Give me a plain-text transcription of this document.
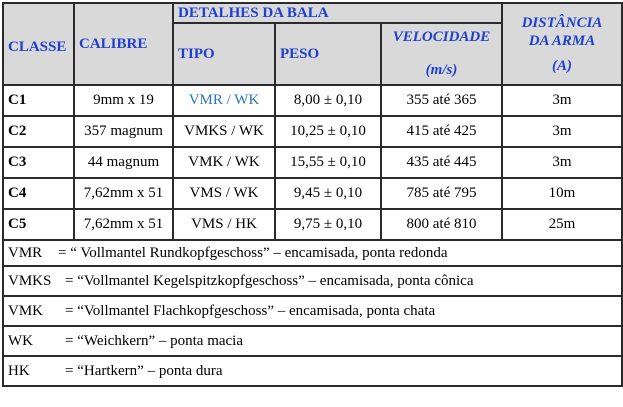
CLASSE	CALIBRE	DETALHES DA BALA			DISTÂNCIA
DA ARMA
(A)

		TIPO	PESO	VELOCIDADE
(m/s)	

C1	9mm x 19	VMR / WK	8,00 ± 0,10	355 até 365	3m
C2	357 magnum	VMKS / WK	10,25 ± 0,10	415 até 425	3m
C3	44 magnum	VMK / WK	15,55 ± 0,10	435 até 445	3m
C4	7,62mm x 51	VMS / WK	9,45 ± 0,10	785 até 795	10m
C5	7,62mm x 51	VMS / HK	9,75 ± 0,10	800 até 810	25m
VMR = “ Vollmantel Rundkopfgeschoss” – encamisada, ponta redonda					
VMKS = “Vollmantel Kegelspitzkopfgeschoss” – encamisada, ponta cônica					
VMK = “Vollmantel Flachkopfgeschoss” – encamisada, ponta chata					
WK = “Weichkern” – ponta macia					
HK = “Hartkern” – ponta dura					
